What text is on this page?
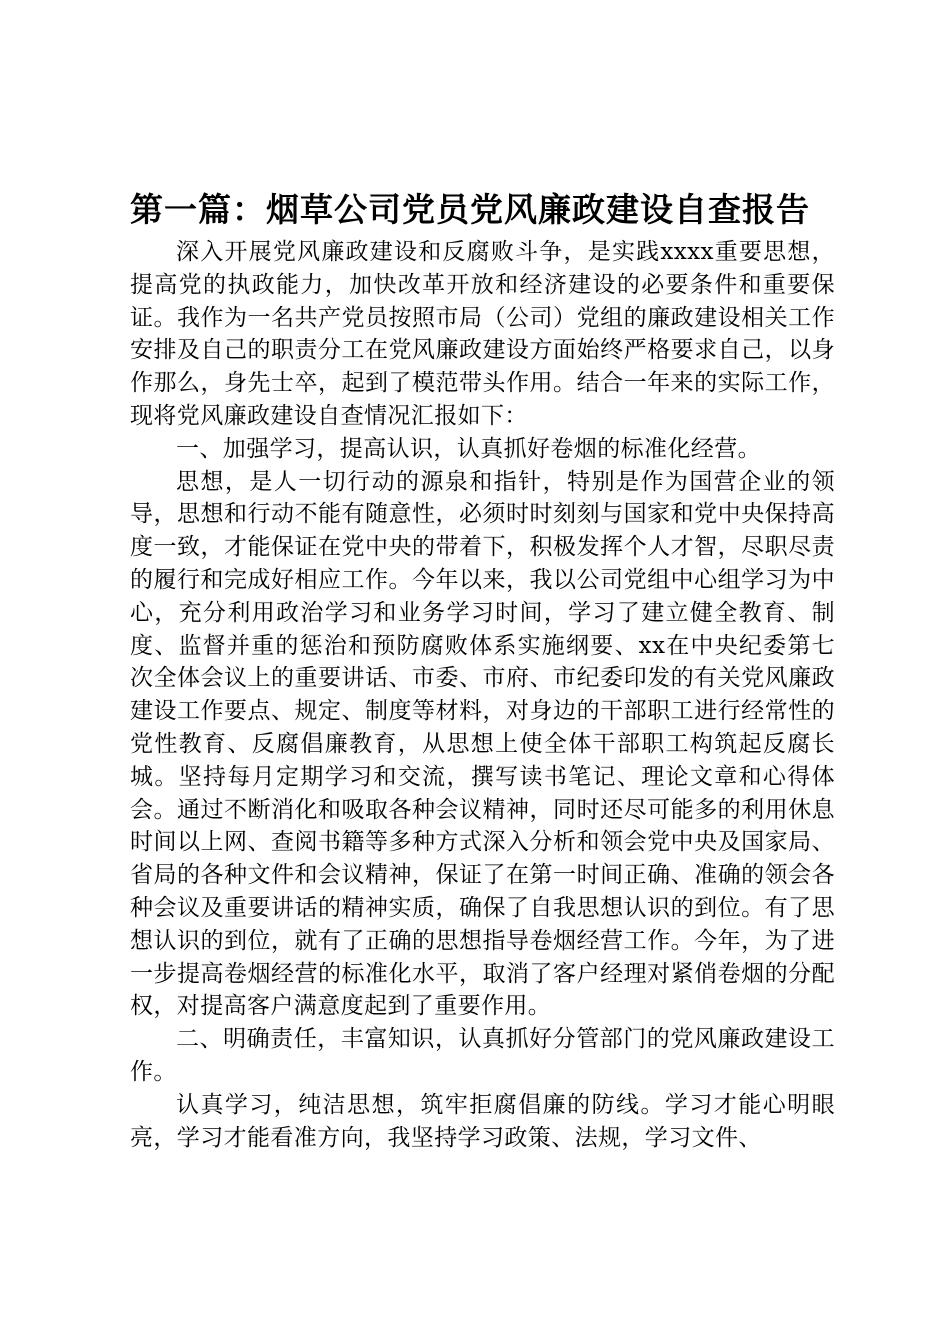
第一篇：烟草公司党员党风廉政建设自查报告

深入开展党风廉政建设和反腐败斗争，是实践xxxx重要思想，提高党的执政能力，加快改革开放和经济建设的必要条件和重要保证。我作为一名共产党员按照市局（公司）党组的廉政建设相关工作安排及自己的职责分工在党风廉政建设方面始终严格要求自己，以身作那么，身先士卒，起到了模范带头作用。结合一年来的实际工作，现将党风廉政建设自查情况汇报如下：

一、加强学习，提高认识，认真抓好卷烟的标准化经营。

思想，是人一切行动的源泉和指针，特别是作为国营企业的领导，思想和行动不能有随意性，必须时时刻刻与国家和党中央保持高度一致，才能保证在党中央的带着下，积极发挥个人才智，尽职尽责的履行和完成好相应工作。今年以来，我以公司党组中心组学习为中心，充分利用政治学习和业务学习时间，学习了建立健全教育、制度、监督并重的惩治和预防腐败体系实施纲要、xx在中央纪委第七次全体会议上的重要讲话、市委、市府、市纪委印发的有关党风廉政建设工作要点、规定、制度等材料，对身边的干部职工进行经常性的党性教育、反腐倡廉教育，从思想上使全体干部职工构筑起反腐长城。坚持每月定期学习和交流，撰写读书笔记、理论文章和心得体会。通过不断消化和吸取各种会议精神，同时还尽可能多的利用休息时间以上网、查阅书籍等多种方式深入分析和领会党中央及国家局、省局的各种文件和会议精神，保证了在第一时间正确、准确的领会各种会议及重要讲话的精神实质，确保了自我思想认识的到位。有了思想认识的到位，就有了正确的思想指导卷烟经营工作。今年，为了进一步提高卷烟经营的标准化水平，取消了客户经理对紧俏卷烟的分配权，对提高客户满意度起到了重要作用。

二、明确责任，丰富知识，认真抓好分管部门的党风廉政建设工作。

认真学习，纯洁思想，筑牢拒腐倡廉的防线。学习才能心明眼亮，学习才能看准方向，我坚持学习政策、法规，学习文件、
